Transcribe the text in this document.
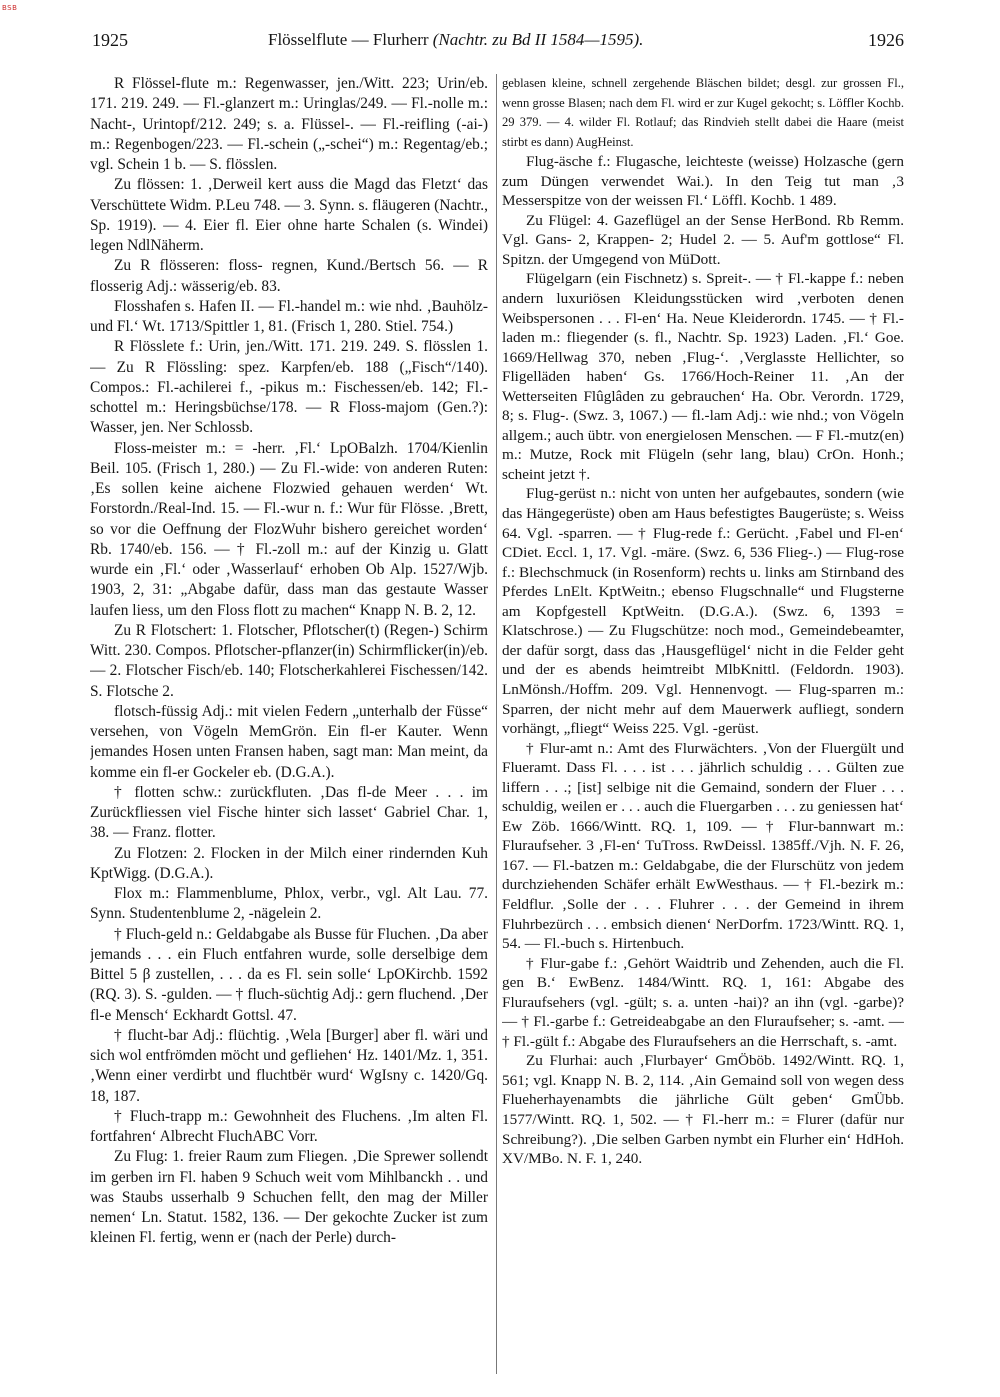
BSB
1925	Flösselflute — Flurherr (Nachtr. zu Bd II 1584—1595).	1926

R Flössel-flute m.: Regenwasser, jen./Witt. 223; Urin/eb. 171. 219. 249. — Fl.-glanzert m.: Uringlas/249. — Fl.-nolle m.: Nacht-, Urintopf/212. 249; s. a. Flüssel-. — Fl.-reifling (-ai-) m.: Regenbogen/223. — Fl.-schein („-schei“) m.: Regentag/eb.; vgl. Schein 1 b. — S. flösslen.

Zu flössen: 1. ‚Derweil kert auss die Magd das Fletzt‘ das Verschüttete Widm. P.Leu 748. — 3. Synn. s. fläugeren (Nachtr., Sp. 1919). — 4. Eier fl. Eier ohne harte Schalen (s. Windei) legen NdlNäherm.

Zu R flösseren: floss- regnen, Kund./Bertsch 56. — R flosserig Adj.: wässerig/eb. 83.

Flosshafen s. Hafen II. — Fl.-handel m.: wie nhd. ‚Bauhölz- und Fl.‘ Wt. 1713/Spittler 1, 81. (Frisch 1, 280. Stiel. 754.)

R Flösslete f.: Urin, jen./Witt. 171. 219. 249. S. flösslen 1. — Zu R Flössling: spez. Karpfen/eb. 188 („Fisch“/140). Compos.: Fl.-achilerei f., -pikus m.: Fischessen/eb. 142; Fl.-schottel m.: Heringsbüchse/178. — R Floss-majom (Gen.?): Wasser, jen. Ner Schlossb.

Floss-meister m.: = -herr. ‚Fl.‘ LpOBalzh. 1704/Kienlin Beil. 105. (Frisch 1, 280.) — Zu Fl.-wide: von anderen Ruten: ‚Es sollen keine aichene Flozwied gehauen werden‘ Wt. Forstordn./Real-Ind. 15. — Fl.-wur n. f.: Wur für Flösse. ‚Brett, so vor die Oeffnung der FlozWuhr bishero gereichet worden‘ Rb. 1740/eb. 156. — † Fl.-zoll m.: auf der Kinzig u. Glatt wurde ein ‚Fl.‘ oder ‚Wasserlauf‘ erhoben Ob Alp. 1527/Wjb. 1903, 2, 31: „Abgabe dafür, dass man das gestaute Wasser laufen liess, um den Floss flott zu machen“ Knapp N. B. 2, 12.

Zu R Flotschert: 1. Flotscher, Pflotscher(t) (Regen-) Schirm Witt. 230. Compos. Pflotscher-pflanzer(in) Schirmflicker(in)/eb. — 2. Flotscher Fisch/eb. 140; Flotscherkahlerei Fischessen/142. S. Flotsche 2.

flotsch-füssig Adj.: mit vielen Federn „unterhalb der Füsse“ versehen, von Vögeln MemGrön. Ein fl-er Kauter. Wenn jemandes Hosen unten Fransen haben, sagt man: Man meint, da komme ein fl-er Gockeler eb. (D.G.A.).

† flotten schw.: zurückfluten. ‚Das fl-de Meer . . . im Zurückfliessen viel Fische hinter sich lasset‘ Gabriel Char. 1, 38. — Franz. flotter.

Zu Flotzen: 2. Flocken in der Milch einer rindernden Kuh KptWigg. (D.G.A.).

Flox m.: Flammenblume, Phlox, verbr., vgl. Alt Lau. 77. Synn. Studentenblume 2, -nägelein 2.

† Fluch-geld n.: Geldabgabe als Busse für Fluchen. ‚Da aber jemands . . . ein Fluch entfahren wurde, solle derselbige dem Bittel 5 β zustellen, . . . da es Fl. sein solle‘ LpOKirchb. 1592 (RQ. 3). S. -gulden. — † fluch-süchtig Adj.: gern fluchend. ‚Der fl-e Mensch‘ Eckhardt Gottsl. 47.

† flucht-bar Adj.: flüchtig. ‚Wela [Burger] aber fl. wäri und sich wol entfrömden möcht und gefliehen‘ Hz. 1401/Mz. 1, 351. ‚Wenn einer verdirbt und fluchtbër wurd‘ WgIsny c. 1420/Gq. 18, 187.

† Fluch-trapp m.: Gewohnheit des Fluchens. ‚Im alten Fl. fortfahren‘ Albrecht FluchABC Vorr.

Zu Flug: 1. freier Raum zum Fliegen. ‚Die Sprewer sollendt im gerben irn Fl. haben 9 Schuch weit vom Mihlbanckh . . und was Staubs usserhalb 9 Schuchen fellt, den mag der Miller nemen‘ Ln. Statut. 1582, 136. — Der gekochte Zucker ist zum kleinen Fl. fertig, wenn er (nach der Perle) durch-

geblasen kleine, schnell zergehende Bläschen bildet; desgl. zur grossen Fl., wenn grosse Blasen; nach dem Fl. wird er zur Kugel gekocht; s. Löffler Kochb. 29 379. — 4. wilder Fl. Rotlauf; das Rindvieh stellt dabei die Haare (meist stirbt es dann) AugHeinst.

Flug-äsche f.: Flugasche, leichteste (weisse) Holzasche (gern zum Düngen verwendet Wai.). In den Teig tut man ‚3 Messerspitze von der weissen Fl.‘ Löffl. Kochb. 1 489.

Zu Flügel: 4. Gazeflügel an der Sense HerBond. Rb Remm. Vgl. Gans- 2, Krappen- 2; Hudel 2. — 5. Auf'm gottlose“ Fl. Spitzn. der Umgegend von MüDott.

Flügelgarn (ein Fischnetz) s. Spreit-. — † Fl.-kappe f.: neben andern luxuriösen Kleidungsstücken wird ‚verboten denen Weibspersonen . . . Fl-en‘ Ha. Neue Kleiderordn. 1745. — † Fl.-laden m.: fliegender (s. fl., Nachtr. Sp. 1923) Laden. ‚Fl.‘ Goe. 1669/Hellwag 370, neben ‚Flug-‘. ‚Verglasste Hellichter, so Fligelläden haben‘ Gs. 1766/Hoch-Reiner 11. ‚An der Wetterseiten Flûglâden zu gebrauchen‘ Ha. Obr. Verordn. 1729, 8; s. Flug-. (Swz. 3, 1067.) — fl.-lam Adj.: wie nhd.; von Vögeln allgem.; auch übtr. von energielosen Menschen. — F Fl.-mutz(en) m.: Mutze, Rock mit Flügeln (sehr lang, blau) CrOn. Honh.; scheint jetzt †.

Flug-gerüst n.: nicht von unten her aufgebautes, sondern (wie das Hängegerüste) oben am Haus befestigtes Baugerüste; s. Weiss 64. Vgl. -sparren. — † Flug-rede f.: Gerücht. ‚Fabel und Fl-en‘ CDiet. Eccl. 1, 17. Vgl. -märe. (Swz. 6, 536 Flieg-.) — Flug-rose f.: Blechschmuck (in Rosenform) rechts u. links am Stirnband des Pferdes LnElt. KptWeitn.; ebenso Flugschnalle“ und Flugsterne am Kopfgestell KptWeitn. (D.G.A.). (Swz. 6, 1393 = Klatschrose.) — Zu Flugschütze: noch mod., Gemeindebeamter, der dafür sorgt, dass das ‚Hausgeflügel‘ nicht in die Felder geht und der es abends heimtreibt MlbKnittl. (Feldordn. 1903). LnMönsh./Hoffm. 209. Vgl. Hennenvogt. — Flug-sparren m.: Sparren, der nicht mehr auf dem Mauerwerk aufliegt, sondern vorhängt, „fliegt“ Weiss 225. Vgl. -gerüst.

† Flur-amt n.: Amt des Flurwächters. ‚Von der Fluergült und Flueramt. Dass Fl. . . . ist . . . jährlich schuldig . . . Gülten zue liffern . . .; [ist] selbige nit die Gemaind, sondern der Fluer . . . schuldig, weilen er . . . auch die Fluergarben . . . zu geniessen hat‘ Ew Zöb. 1666/Wintt. RQ. 1, 109. — † Flur-bannwart m.: Fluraufseher. 3 ‚Fl-en‘ TuTross. RwDeissl. 1385ff./Vjh. N. F. 26, 167. — Fl.-batzen m.: Geldabgabe, die der Flurschütz von jedem durchziehenden Schäfer erhält EwWesthaus. — † Fl.-bezirk m.: Feldflur. ‚Solle der . . . Fluhrer . . . der Gemeind in ihrem Fluhrbezürch . . . embsich dienen‘ NerDorfm. 1723/Wintt. RQ. 1, 54. — Fl.-buch s. Hirtenbuch.

† Flur-gabe f.: ‚Gehört Waidtrib und Zehenden, auch die Fl. gen B.‘ EwBenz. 1484/Wintt. RQ. 1, 161: Abgabe des Fluraufsehers (vgl. -gült; s. a. unten -hai)? an ihn (vgl. -garbe)? — † Fl.-garbe f.: Getreideabgabe an den Fluraufseher; s. -amt. — † Fl.-gült f.: Abgabe des Fluraufsehers an die Herrschaft, s. -amt.

Zu Flurhai: auch ‚Flurbayer‘ GmÖböb. 1492/Wintt. RQ. 1, 561; vgl. Knapp N. B. 2, 114. ‚Ain Gemaind soll von wegen dess Flueherhayenambts die jährliche Gült geben‘ GmÜbb. 1577/Wintt. RQ. 1, 502. — † Fl.-herr m.: = Flurer (dafür nur Schreibung?). ‚Die selben Garben nymbt ein Flurher ein‘ HdHoh. XV/MBo. N. F. 1, 240.
